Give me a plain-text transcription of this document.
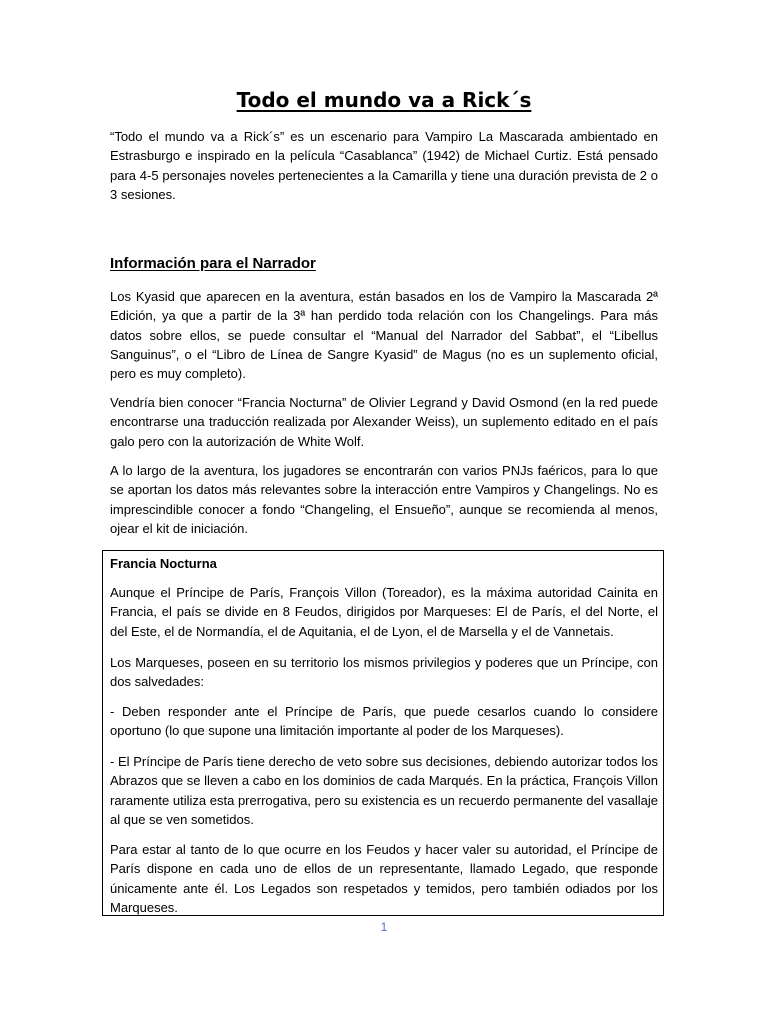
Todo el mundo va a Rick´s

“Todo el mundo va a Rick´s” es un escenario para Vampiro La Mascarada ambientado en Estrasburgo e inspirado en la película “Casablanca” (1942) de Michael Curtiz. Está pensado para 4-5 personajes noveles pertenecientes a la Camarilla y tiene una duración prevista de 2 o 3 sesiones.

Información para el Narrador

Los Kyasid que aparecen en la aventura, están basados en los de Vampiro la Mascarada 2ª Edición, ya que a partir de la 3ª han perdido toda relación con los Changelings. Para más datos sobre ellos, se puede consultar el “Manual del Narrador del Sabbat”, el “Libellus Sanguinus”, o el “Libro de Línea de Sangre Kyasid” de Magus (no es un suplemento oficial, pero es muy completo).

Vendría bien conocer “Francia Nocturna” de Olivier Legrand y David Osmond (en la red puede encontrarse una traducción realizada por Alexander Weiss), un suplemento editado en el país galo pero con la autorización de White Wolf.

A lo largo de la aventura, los jugadores se encontrarán con varios PNJs faéricos, para lo que se aportan los datos más relevantes sobre la interacción entre Vampiros y Changelings. No es imprescindible conocer a fondo “Changeling, el Ensueño”, aunque se recomienda al menos, ojear el kit de iniciación.

Francia Nocturna

Aunque el Príncipe de París, François Villon (Toreador), es la máxima autoridad Cainita en Francia, el país se divide en 8 Feudos, dirigidos por Marqueses: El de París, el del Norte, el del Este, el de Normandía, el de Aquitania, el de Lyon, el de Marsella y el de Vannetais.

Los Marqueses, poseen en su territorio los mismos privilegios y poderes que un Príncipe, con dos salvedades:

- Deben responder ante el Príncipe de París, que puede cesarlos cuando lo considere oportuno (lo que supone una limitación importante al poder de los Marqueses).

- El Príncipe de París tiene derecho de veto sobre sus decisiones, debiendo autorizar todos los Abrazos que se lleven a cabo en los dominios de cada Marqués. En la práctica, François Villon raramente utiliza esta prerrogativa, pero su existencia es un recuerdo permanente del vasallaje al que se ven sometidos.

Para estar al tanto de lo que ocurre en los Feudos y hacer valer su autoridad, el Príncipe de París dispone en cada uno de ellos de un representante, llamado Legado, que responde únicamente ante él. Los Legados son respetados y temidos, pero también odiados por los Marqueses.

1
